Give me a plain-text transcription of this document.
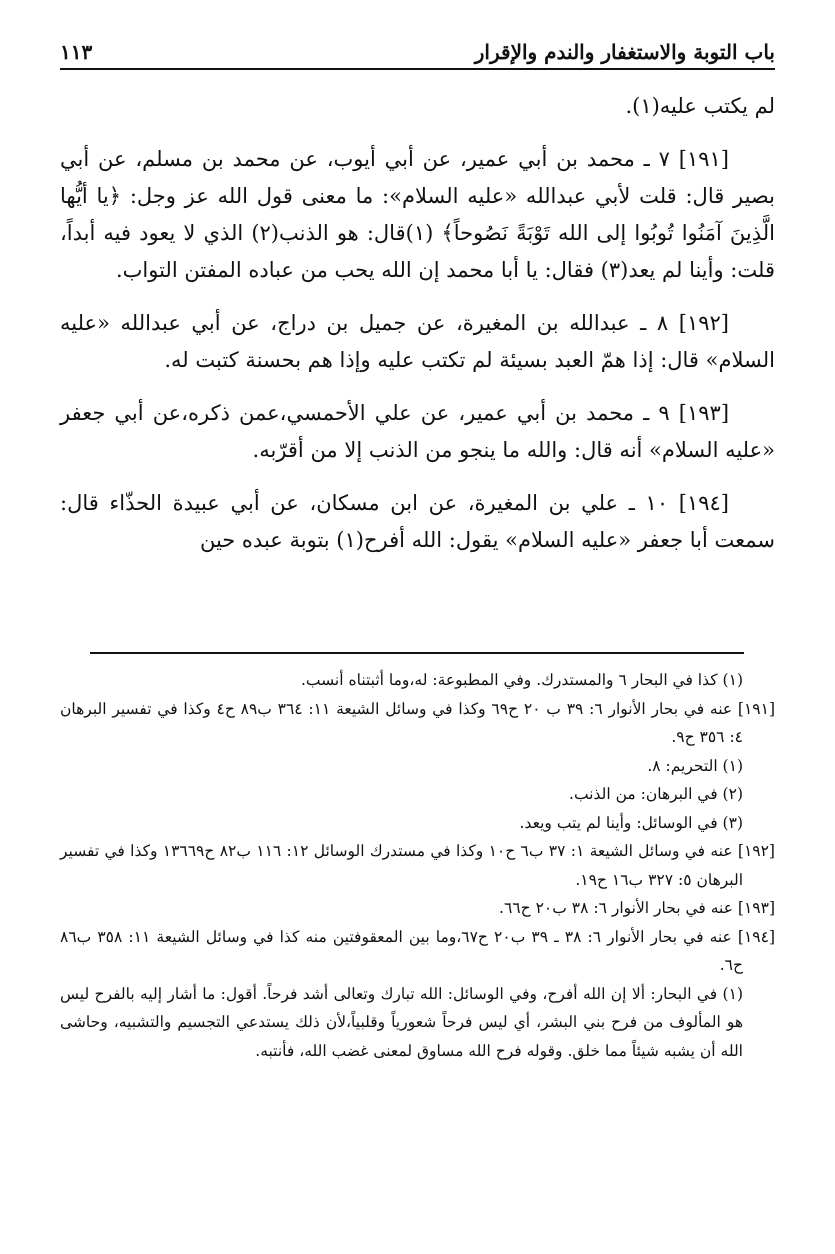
باب التوبة والاستغفار والندم والإقرار
١١٣

لم يكتب عليه(١).

[١٩١] ٧ ـ محمد بن أبي عمير، عن أبي أيوب، عن محمد بن مسلم، عن أبي بصير قال: قلت لأبي عبدالله «عليه السلام»: ما معنى قول الله عز وجل: ﴿يا أيُّها الَّذِينَ آمَنُوا تُوبُوا إلى الله تَوْبَةً نَصُوحاً﴾ (١)قال: هو الذنب(٢) الذي لا يعود فيه أبداً، قلت: وأينا لم يعد(٣) فقال: يا أبا محمد إن الله يحب من عباده المفتن التواب.

[١٩٢] ٨ ـ عبدالله بن المغيرة، عن جميل بن دراج، عن أبي عبدالله «عليه السلام» قال: إذا همّ العبد بسيئة لم تكتب عليه وإذا هم بحسنة كتبت له.

[١٩٣] ٩ ـ محمد بن أبي عمير، عن علي الأحمسي،عمن ذكره،عن أبي جعفر «عليه السلام» أنه قال: والله ما ينجو من الذنب إلا من أقرّبه.

[١٩٤] ١٠ ـ علي بن المغيرة، عن ابن مسكان، عن أبي عبيدة الحذّاء قال: سمعت أبا جعفر «عليه السلام» يقول: الله أفرح(١) بتوبة عبده حين

(١) كذا في البحار ٦ والمستدرك. وفي المطبوعة: له،وما أثبتناه أنسب.

[١٩١] عنه في بحار الأنوار ٦: ٣٩ ب ٢٠ ح٦٩ وكذا في وسائل الشيعة ١١: ٣٦٤ ب٨٩ ح٤ وكذا في تفسير البرهان ٤: ٣٥٦ ح٩.

(١) التحريم: ٨.

(٢) في البرهان: من الذنب.

(٣) في الوسائل: وأينا لم يتب ويعد.

[١٩٢] عنه في وسائل الشيعة ١: ٣٧ ب٦ ح١٠ وكذا في مستدرك الوسائل ١٢: ١١٦ ب٨٢ ح١٣٦٦٩ وكذا في تفسير البرهان ٥: ٣٢٧ ب١٦ ح١٩.

[١٩٣] عنه في بحار الأنوار ٦: ٣٨ ب٢٠ ح٦٦.

[١٩٤] عنه في بحار الأنوار ٦: ٣٨ ـ ٣٩ ب٢٠ ح٦٧،وما بين المعقوفتين منه كذا في وسائل الشيعة ١١: ٣٥٨ ب٨٦ ح٦.

(١) في البحار: ألا إن الله أفرح، وفي الوسائل: الله تبارك وتعالى أشد فرحاً. أقول: ما أشار إليه بالفرح ليس هو المألوف من فرح بني البشر، أي ليس فرحاً شعورياً وقلبياً،لأن ذلك يستدعي التجسيم والتشبيه، وحاشى الله أن يشبه شيئاً مما خلق. وقوله فرح الله مساوق لمعنى غضب الله، فأنتبه.
